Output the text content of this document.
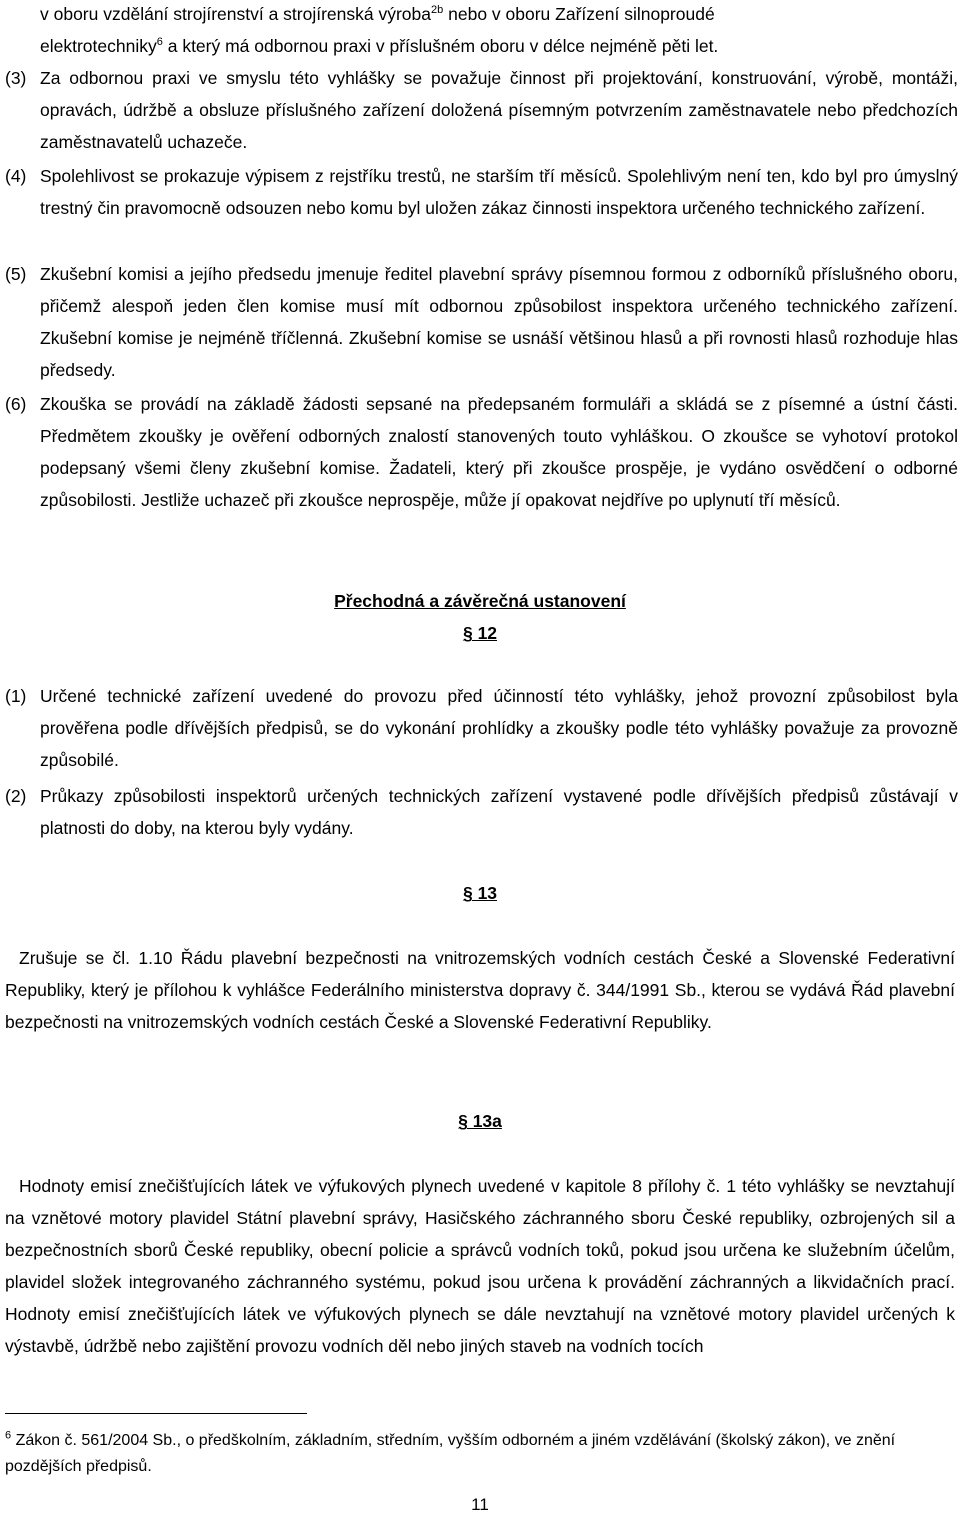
v oboru vzdělání strojírenství a strojírenská výroba$^{2b}$ nebo v oboru Zařízení silnoproudé
elektrotechniky$^6$ a který má odbornou praxi v příslušném oboru v délce nejméně pěti let.

(3) Za odbornou praxi ve smyslu této vyhlášky se považuje činnost při projektování, konstruování, výrobě, montáži, opravách, údržbě a obsluze příslušného zařízení doložená písemným potvrzením zaměstnavatele nebo předchozích zaměstnavatelů uchazeče.
(4) Spolehlivost se prokazuje výpisem z rejstříku trestů, ne starším tří měsíců. Spolehlivým není ten, kdo byl pro úmyslný trestný čin pravomocně odsouzen nebo komu byl uložen zákaz činnosti inspektora určeného technického zařízení.
(5) Zkušební komisi a jejího předsedu jmenuje ředitel plavební správy písemnou formou z odborníků příslušného oboru, přičemž alespoň jeden člen komise musí mít odbornou způsobilost inspektora určeného technického zařízení. Zkušební komise je nejméně tříčlenná. Zkušební komise se usnáší většinou hlasů a při rovnosti hlasů rozhoduje hlas předsedy.
(6) Zkouška se provádí na základě žádosti sepsané na předepsaném formuláři a skládá se z písemné a ústní části. Předmětem zkoušky je ověření odborných znalostí stanovených touto vyhláškou. O zkoušce se vyhotoví protokol podepsaný všemi členy zkušební komise. Žadateli, který při zkoušce prospěje, je vydáno osvědčení o odborné způsobilosti. Jestliže uchazeč při zkoušce neprospěje, může jí opakovat nejdříve po uplynutí tří měsíců.

Přechodná a závěrečná ustanovení

§ 12

(1) Určené technické zařízení uvedené do provozu před účinností této vyhlášky, jehož provozní způsobilost byla prověřena podle dřívějších předpisů, se do vykonání prohlídky a zkoušky podle této vyhlášky považuje za provozně způsobilé.
(2) Průkazy způsobilosti inspektorů určených technických zařízení vystavené podle dřívějších předpisů zůstávají v platnosti do doby, na kterou byly vydány.

§ 13

Zrušuje se čl. 1.10 Řádu plavební bezpečnosti na vnitrozemských vodních cestách České a Slovenské Federativní Republiky, který je přílohou k vyhlášce Federálního ministerstva dopravy č. 344/1991 Sb., kterou se vydává Řád plavební bezpečnosti na vnitrozemských vodních cestách České a Slovenské Federativní Republiky.

§ 13a

Hodnoty emisí znečišťujících látek ve výfukových plynech uvedené v kapitole 8 přílohy č. 1 této vyhlášky se nevztahují na vznětové motory plavidel Státní plavební správy, Hasičského záchranného sboru České republiky, ozbrojených sil a bezpečnostních sborů České republiky, obecní policie a správců vodních toků, pokud jsou určena ke služebním účelům, plavidel složek integrovaného záchranného systému, pokud jsou určena k provádění záchranných a likvidačních prací. Hodnoty emisí znečišťujících látek ve výfukových plynech se dále nevztahují na vznětové motory plavidel určených k výstavbě, údržbě nebo zajištění provozu vodních děl nebo jiných staveb na vodních tocích

$^6$ Zákon č. 561/2004 Sb., o předškolním, základním, středním, vyšším odborném a jiném vzdělávání (školský zákon), ve znění pozdějších předpisů.

11
